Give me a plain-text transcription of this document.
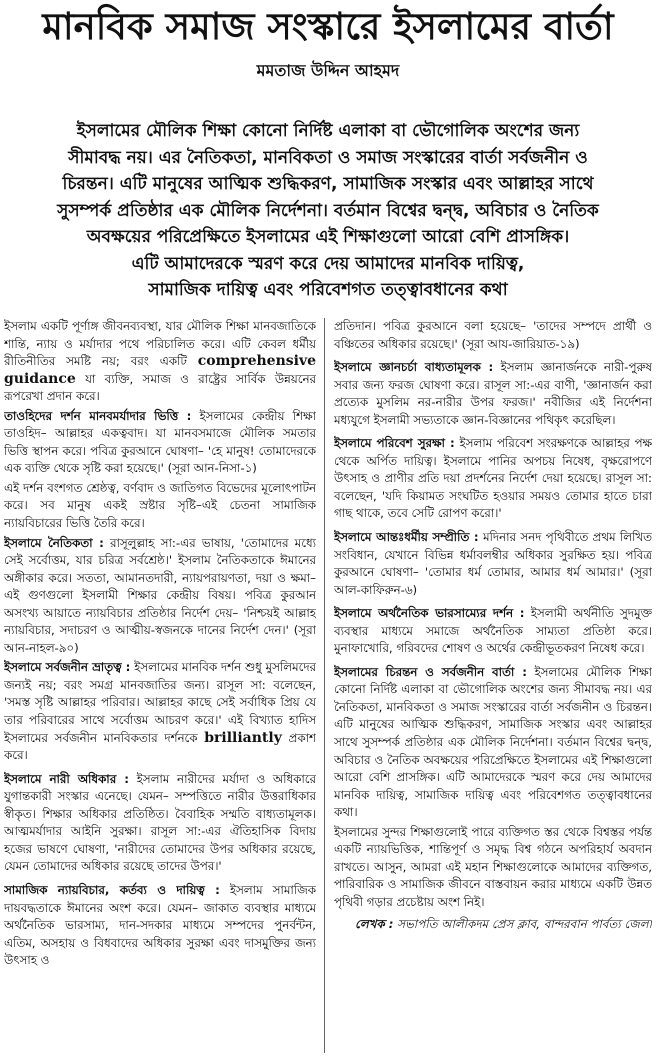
মানবিক সমাজ সংস্কারে ইসলামের বার্তা
মমতাজ উদ্দিন আহমদ
ইসলামের মৌলিক শিক্ষা কোনো নির্দিষ্ট এলাকা বা ভৌগোলিক অংশের জন্য
সীমাবদ্ধ নয়। এর নৈতিকতা, মানবিকতা ও সমাজ সংস্কারের বার্তা সর্বজনীন ও
চিরন্তন। এটি মানুষের আত্মিক শুদ্ধিকরণ, সামাজিক সংস্কার এবং আল্লাহর সাথে
সুসম্পর্ক প্রতিষ্ঠার এক মৌলিক নির্দেশনা। বর্তমান বিশ্বের দ্বন্দ্ব, অবিচার ও নৈতিক
অবক্ষয়ের পরিপ্রেক্ষিতে ইসলামের এই শিক্ষাগুলো আরো বেশি প্রাসঙ্গিক।
এটি আমাদেরকে স্মরণ করে দেয় আমাদের মানবিক দায়িত্ব,
সামাজিক দায়িত্ব এবং পরিবেশগত তত্ত্বাবধানের কথা

ইসলাম একটি পূর্ণাঙ্গ জীবনব্যবস্থা, যার মৌলিক শিক্ষা মানবজাতিকে শান্তি, ন্যায় ও মর্যাদার পথে পরিচালিত করে। এটি কেবল ধর্মীয় রীতিনীতির সমষ্টি নয়; বরং একটি comprehensive guidance যা ব্যক্তি, সমাজ ও রাষ্ট্রের সার্বিক উন্নয়নের রূপরেখা প্রদান করে।

তাওহিদের দর্শন মানবমর্যাদার ভিত্তি : ইসলামের কেন্দ্রীয় শিক্ষা তাওহিদ– আল্লাহর একত্ববাদ। যা মানবসমাজে মৌলিক সমতার ভিত্তি স্থাপন করে। পবিত্র কুরআনে ঘোষণা– 'হে মানুষ! তোমাদেরকে এক ব্যক্তি থেকে সৃষ্টি করা হয়েছে।' (সূরা আন-নিসা-১)

এই দর্শন বংশগত শ্রেষ্ঠত্ব, বর্ণবাদ ও জাতিগত বিভেদের মূলোৎপাটন করে। সব মানুষ একই স্রষ্টার সৃষ্টি–এই চেতনা সামাজিক ন্যায়বিচারের ভিত্তি তৈরি করে।

ইসলামে নৈতিকতা : রাসূলুল্লাহ সা:-এর ভাষায়, 'তোমাদের মধ্যে সেই সর্বোত্তম, যার চরিত্র সর্বশ্রেষ্ঠ।' ইসলাম নৈতিকতাকে ঈমানের অঙ্গীকার করে। সততা, আমানতদারী, ন্যায়পরায়ণতা, দয়া ও ক্ষমা– এই গুণগুলো ইসলামী শিক্ষার কেন্দ্রীয় বিষয়। পবিত্র কুরআন অসংখ্য আয়াতে ন্যায়বিচার প্রতিষ্ঠার নির্দেশ দেয়– 'নিশ্চয়ই আল্লাহ ন্যায়বিচার, সদাচরণ ও আত্মীয়-স্বজনকে দানের নির্দেশ দেন।' (সূরা আন-নাহল-৯০)

ইসলামে সর্বজনীন ভ্রাতৃত্ব : ইসলামের মানবিক দর্শন শুধু মুসলিমদের জন্যই নয়; বরং সমগ্র মানবজাতির জন্য। রাসূল সা: বলেছেন, 'সমস্ত সৃষ্টি আল্লাহর পরিবার। আল্লাহর কাছে সেই সর্বাধিক প্রিয় যে তার পরিবারের সাথে সর্বোত্তম আচরণ করে।' এই বিখ্যাত হাদিস ইসলামের সর্বজনীন মানবিকতার দর্শনকে brilliantly প্রকাশ করে।

ইসলামে নারী অধিকার : ইসলাম নারীদের মর্যাদা ও অধিকারে যুগান্তকারী সংস্কার এনেছে। যেমন– সম্পত্তিতে নারীর উত্তরাধিকার স্বীকৃত। শিক্ষার অধিকার প্রতিষ্ঠিত। বৈবাহিক সম্মতি বাধ্যতামূলক। আত্মমর্যাদার আইনি সুরক্ষা। রাসূল সা:-এর ঐতিহাসিক বিদায় হজের ভাষণে ঘোষণা, 'নারীদের তোমাদের উপর অধিকার রয়েছে, যেমন তোমাদের অধিকার রয়েছে তাদের উপর।'

সামাজিক ন্যায়বিচার, কর্তব্য ও দায়িত্ব : ইসলাম সামাজিক দায়বদ্ধতাকে ঈমানের অংশ করে। যেমন– জাকাত ব্যবস্থার মাধ্যমে অর্থনৈতিক ভারসাম্য, দান-সদকার মাধ্যমে সম্পদের পুনর্বন্টন, এতিম, অসহায় ও বিধবাদের অধিকার সুরক্ষা এবং দাসমুক্তির জন্য উৎসাহ ও

প্রতিদান। পবিত্র কুরআনে বলা হয়েছে– 'তাদের সম্পদে প্রার্থী ও বঞ্চিতের অধিকার রয়েছে।' (সূরা আয-জারিয়াত-১৯)

ইসলামে জ্ঞানচর্চা বাধ্যতামূলক : ইসলাম জ্ঞানার্জনকে নারী-পুরুষ সবার জন্য ফরজ ঘোষণা করে। রাসূল সা:-এর বাণী, 'জ্ঞানার্জন করা প্রত্যেক মুসলিম নর-নারীর উপর ফরজ।' নবীজির এই নির্দেশনা মধ্যযুগে ইসলামী সভ্যতাকে জ্ঞান-বিজ্ঞানের পথিকৃৎ করেছিল।

ইসলামে পরিবেশ সুরক্ষা : ইসলাম পরিবেশ সংরক্ষণকে আল্লাহর পক্ষ থেকে অর্পিত দায়িত্ব। ইসলামে পানির অপচয় নিষেধ, বৃক্ষরোপণে উৎসাহ ও প্রাণীর প্রতি দয়া প্রদর্শনের নির্দেশ দেয়া হয়েছে। রাসূল সা: বলেছেন, 'যদি কিয়ামত সংঘটিত হওয়ার সময়ও তোমার হাতে চারা গাছ থাকে, তবে সেটি রোপণ করো।'

ইসলামে আন্তঃধর্মীয় সম্প্রীতি : মদিনার সনদ পৃথিবীতে প্রথম লিখিত সংবিধান, যেখানে বিভিন্ন ধর্মাবলম্বীর অধিকার সুরক্ষিত হয়। পবিত্র কুরআনে ঘোষণা– 'তোমার ধর্ম তোমার, আমার ধর্ম আমার।' (সূরা আল-কাফিরুন-৬)

ইসলামে অর্থনৈতিক ভারসাম্যের দর্শন : ইসলামী অর্থনীতি সুদমুক্ত ব্যবস্থার মাধ্যমে সমাজে অর্থনৈতিক সাম্যতা প্রতিষ্ঠা করে। মুনাফাখোরি, গরিবদের শোষণ ও অর্থের কেন্দ্রীভূতকরণ নিষেধ করে।

ইসলামের চিরন্তন ও সর্বজনীন বার্তা : ইসলামের মৌলিক শিক্ষা কোনো নির্দিষ্ট এলাকা বা ভৌগোলিক অংশের জন্য সীমাবদ্ধ নয়। এর নৈতিকতা, মানবিকতা ও সমাজ সংস্কারের বার্তা সর্বজনীন ও চিরন্তন। এটি মানুষের আত্মিক শুদ্ধিকরণ, সামাজিক সংস্কার এবং আল্লাহর সাথে সুসম্পর্ক প্রতিষ্ঠার এক মৌলিক নির্দেশনা। বর্তমান বিশ্বের দ্বন্দ্ব, অবিচার ও নৈতিক অবক্ষয়ের পরিপ্রেক্ষিতে ইসলামের এই শিক্ষাগুলো আরো বেশি প্রাসঙ্গিক। এটি আমাদেরকে স্মরণ করে দেয় আমাদের মানবিক দায়িত্ব, সামাজিক দায়িত্ব এবং পরিবেশগত তত্ত্বাবধানের কথা।

ইসলামের সুন্দর শিক্ষাগুলোই পারে ব্যক্তিগত স্তর থেকে বিশ্বস্তর পর্যন্ত একটি ন্যায়ভিত্তিক, শান্তিপূর্ণ ও সমৃদ্ধ বিশ্ব গঠনে অপরিহার্য অবদান রাখতে। আসুন, আমরা এই মহান শিক্ষাগুলোকে আমাদের ব্যক্তিগত, পারিবারিক ও সামাজিক জীবনে বাস্তবায়ন করার মাধ্যমে একটি উন্নত পৃথিবী গড়ার প্রচেষ্টায় অংশ নিই।

লেখক : সভাপতি আলীকদম প্রেস ক্লাব, বান্দরবান পার্বত্য জেলা
